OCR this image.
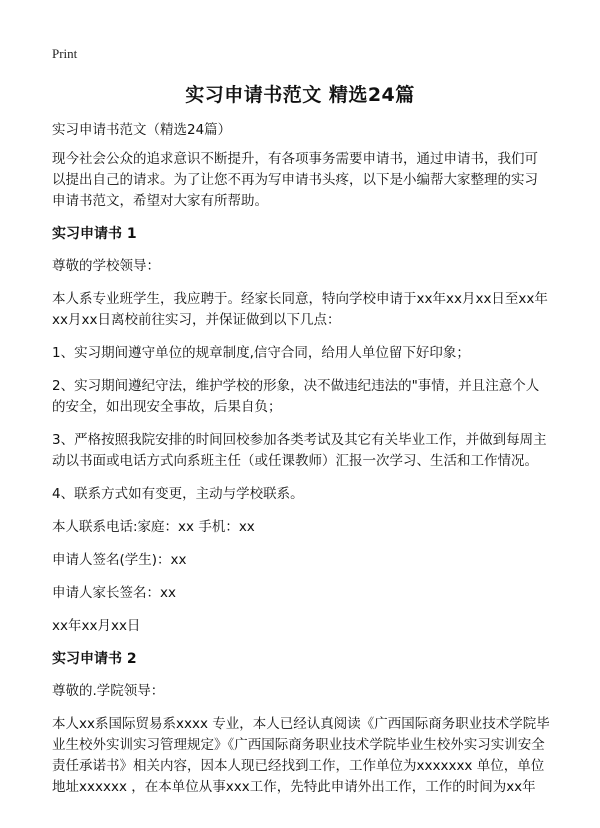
Print
实习申请书范文 精选24篇

实习申请书范文（精选24篇）

现今社会公众的追求意识不断提升，有各项事务需要申请书，通过申请书，我们可以提出自己的请求。为了让您不再为写申请书头疼，以下是小编帮大家整理的实习申请书范文，希望对大家有所帮助。

实习申请书 1

尊敬的学校领导：

本人系专业班学生，我应聘于。经家长同意，特向学校申请于xx年xx月xx日至xx年xx月xx日离校前往实习，并保证做到以下几点：

1、实习期间遵守单位的规章制度,信守合同，给用人单位留下好印象；

2、实习期间遵纪守法，维护学校的形象，决不做违纪违法的"事情，并且注意个人的安全，如出现安全事故，后果自负；

3、严格按照我院安排的时间回校参加各类考试及其它有关毕业工作，并做到每周主动以书面或电话方式向系班主任（或任课教师）汇报一次学习、生活和工作情况。

4、联系方式如有变更，主动与学校联系。

本人联系电话:家庭：xx 手机：xx

申请人签名(学生)：xx

申请人家长签名：xx

xx年xx月xx日

实习申请书 2

尊敬的.学院领导：

本人xx系国际贸易系xxxx 专业，本人已经认真阅读《广西国际商务职业技术学院毕业生校外实训实习管理规定》《广西国际商务职业技术学院毕业生校外实习实训安全责任承诺书》相关内容，因本人现已经找到工作，工作单位为xxxxxxx 单位，单位地址xxxxxx ，在本单位从事xxx工作，先特此申请外出工作，工作的时间为xx年
